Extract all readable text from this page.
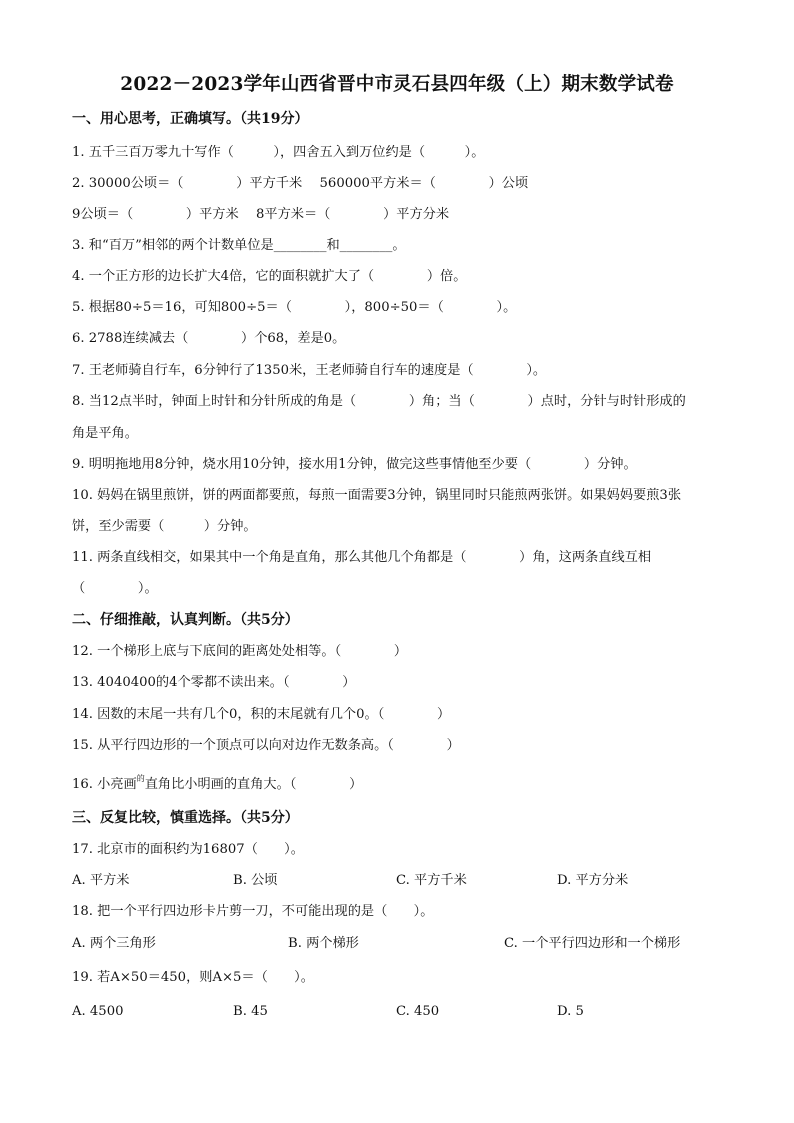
2022－2023学年山西省晋中市灵石县四年级（上）期末数学试卷
一、用心思考，正确填写。（共19分）
1. 五千三百万零九十写作（　　　），四舍五入到万位约是（　　　）。
2. 30000公顷＝（　　　　）平方千米　 560000平方米＝（　　　　）公顷
9公顷＝（　　　　）平方米　 8平方米＝（　　　　）平方分米
3. 和“百万”相邻的两个计数单位是________和________。
4. 一个正方形的边长扩大4倍，它的面积就扩大了（　　　　）倍。
5. 根据80÷5＝16，可知800÷5＝（　　　　），800÷50＝（　　　　）。
6. 2788连续减去（　　　　）个68，差是0。
7. 王老师骑自行车，6分钟行了1350米，王老师骑自行车的速度是（　　　　）。
8. 当12点半时，钟面上时针和分针所成的角是（　　　　）角；当（　　　　）点时，分针与时针形成的
角是平角。
9. 明明拖地用8分钟，烧水用10分钟，接水用1分钟，做完这些事情他至少要（　　　　）分钟。
10. 妈妈在锅里煎饼，饼的两面都要煎，每煎一面需要3分钟，锅里同时只能煎两张饼。如果妈妈要煎3张
饼，至少需要（　　　）分钟。
11. 两条直线相交，如果其中一个角是直角，那么其他几个角都是（　　　　）角，这两条直线互相
（　　　　）。
二、仔细推敲，认真判断。（共5分）
12. 一个梯形上底与下底间的距离处处相等。（　　　　）
13. 4040400的4个零都不读出来。（　　　　）
14. 因数的末尾一共有几个0，积的末尾就有几个0。（　　　　）
15. 从平行四边形的一个顶点可以向对边作无数条高。（　　　　）
16. 小亮画$^的$直角比小明画的直角大。（　　　　）
三、反复比较，慎重选择。（共5分）
17. 北京市的面积约为16807（　　）。
A. 平方米	B. 公顷	C. 平方千米	D. 平方分米
18. 把一个平行四边形卡片剪一刀，不可能出现的是（　　）。
A. 两个三角形	B. 两个梯形	C. 一个平行四边形和一个梯形
19. 若A×50＝450，则A×5＝（　　）。
A. 4500	B. 45	C. 450	D. 5
